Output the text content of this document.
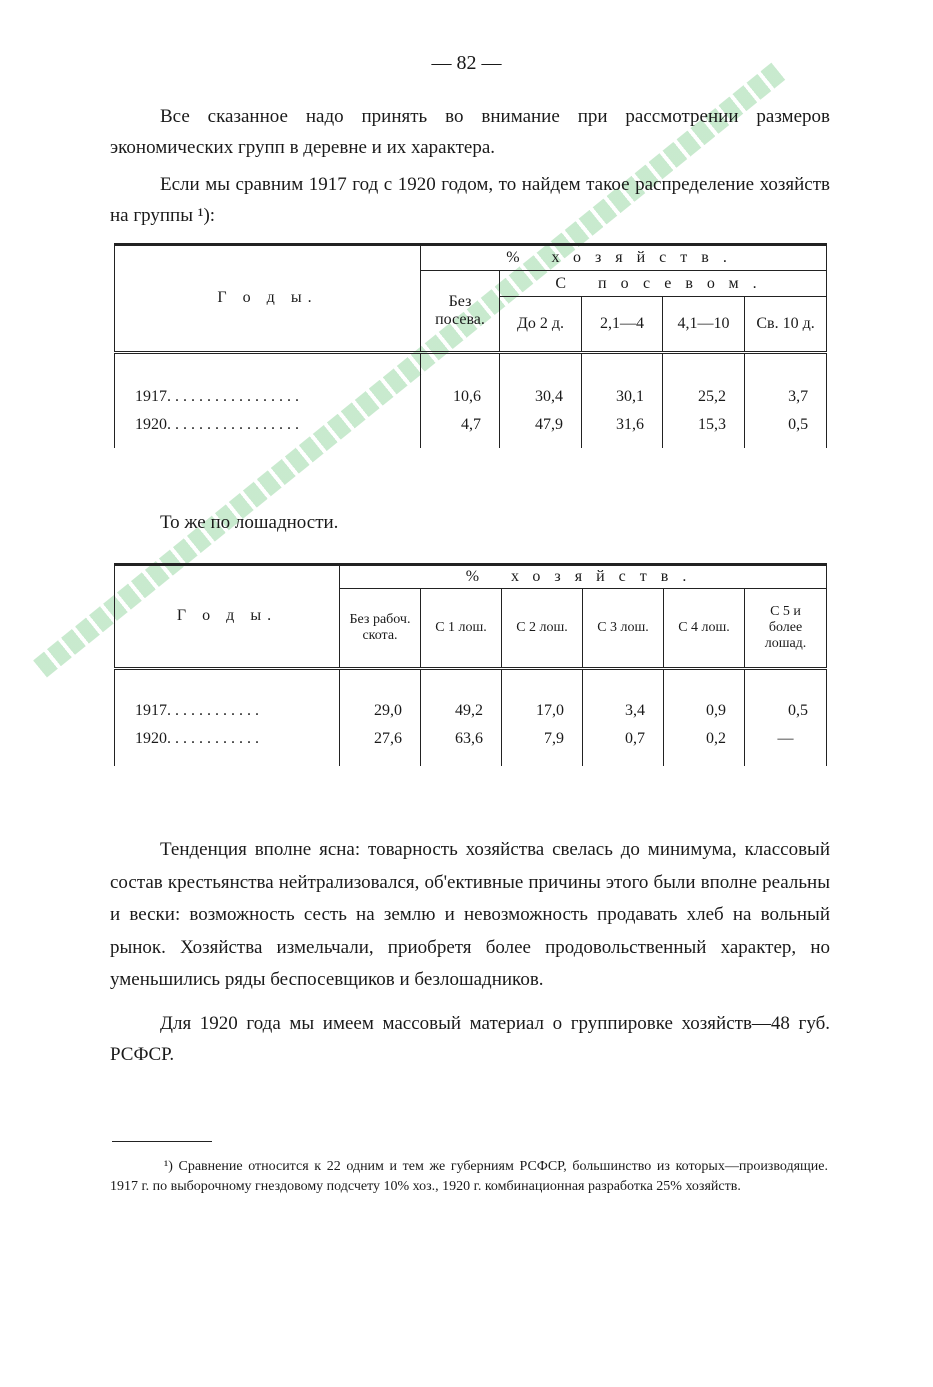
— 82 —
Все сказанное надо принять во внимание при рассмотрении размеров экономических групп в деревне и их характера.
Если мы сравним 1917 год с 1920 годом, то найдем такое распределение хозяйств на группы ¹):
Г о д ы.	% хозяйств.				
	Без посева.	С посевом.			
		До 2 д.	2,1—4	4,1—10	Св. 10 д.

1917. . . . . . . . . . . . . . . . .	10,6	30,4	30,1	25,2	3,7
1920. . . . . . . . . . . . . . . . .	4,7	47,9	31,6	15,3	0,5
То же по лошадности.
Г о д ы.	% хозяйств.					
	Без рабоч. скота.	С 1 лош.	С 2 лош.	С 3 лош.	С 4 лош.	С 5 и более лошад.

1917. . . . . . . . . . . .	29,0	49,2	17,0	3,4	0,9	0,5
1920. . . . . . . . . . . .	27,6	63,6	7,9	0,7	0,2	—
Тенденция вполне ясна: товарность хозяйства свелась до минимума, классовый состав крестьянства нейтрализовался, об'ективные причины этого были вполне реальны и вески: возможность сесть на землю и невозможность продавать хлеб на вольный рынок. Хозяйства измельчали, приобретя более продовольственный характер, но уменьшились ряды беспосевщиков и безлошадников.
Для 1920 года мы имеем массовый материал о группировке хозяйств—48 губ. РСФСР.
¹) Сравнение относится к 22 одним и тем же губерниям РСФСР, большинство из которых—производящие. 1917 г. по выборочному гнездовому подсчету 10% хоз., 1920 г. комбинационная разработка 25% хозяйств.
